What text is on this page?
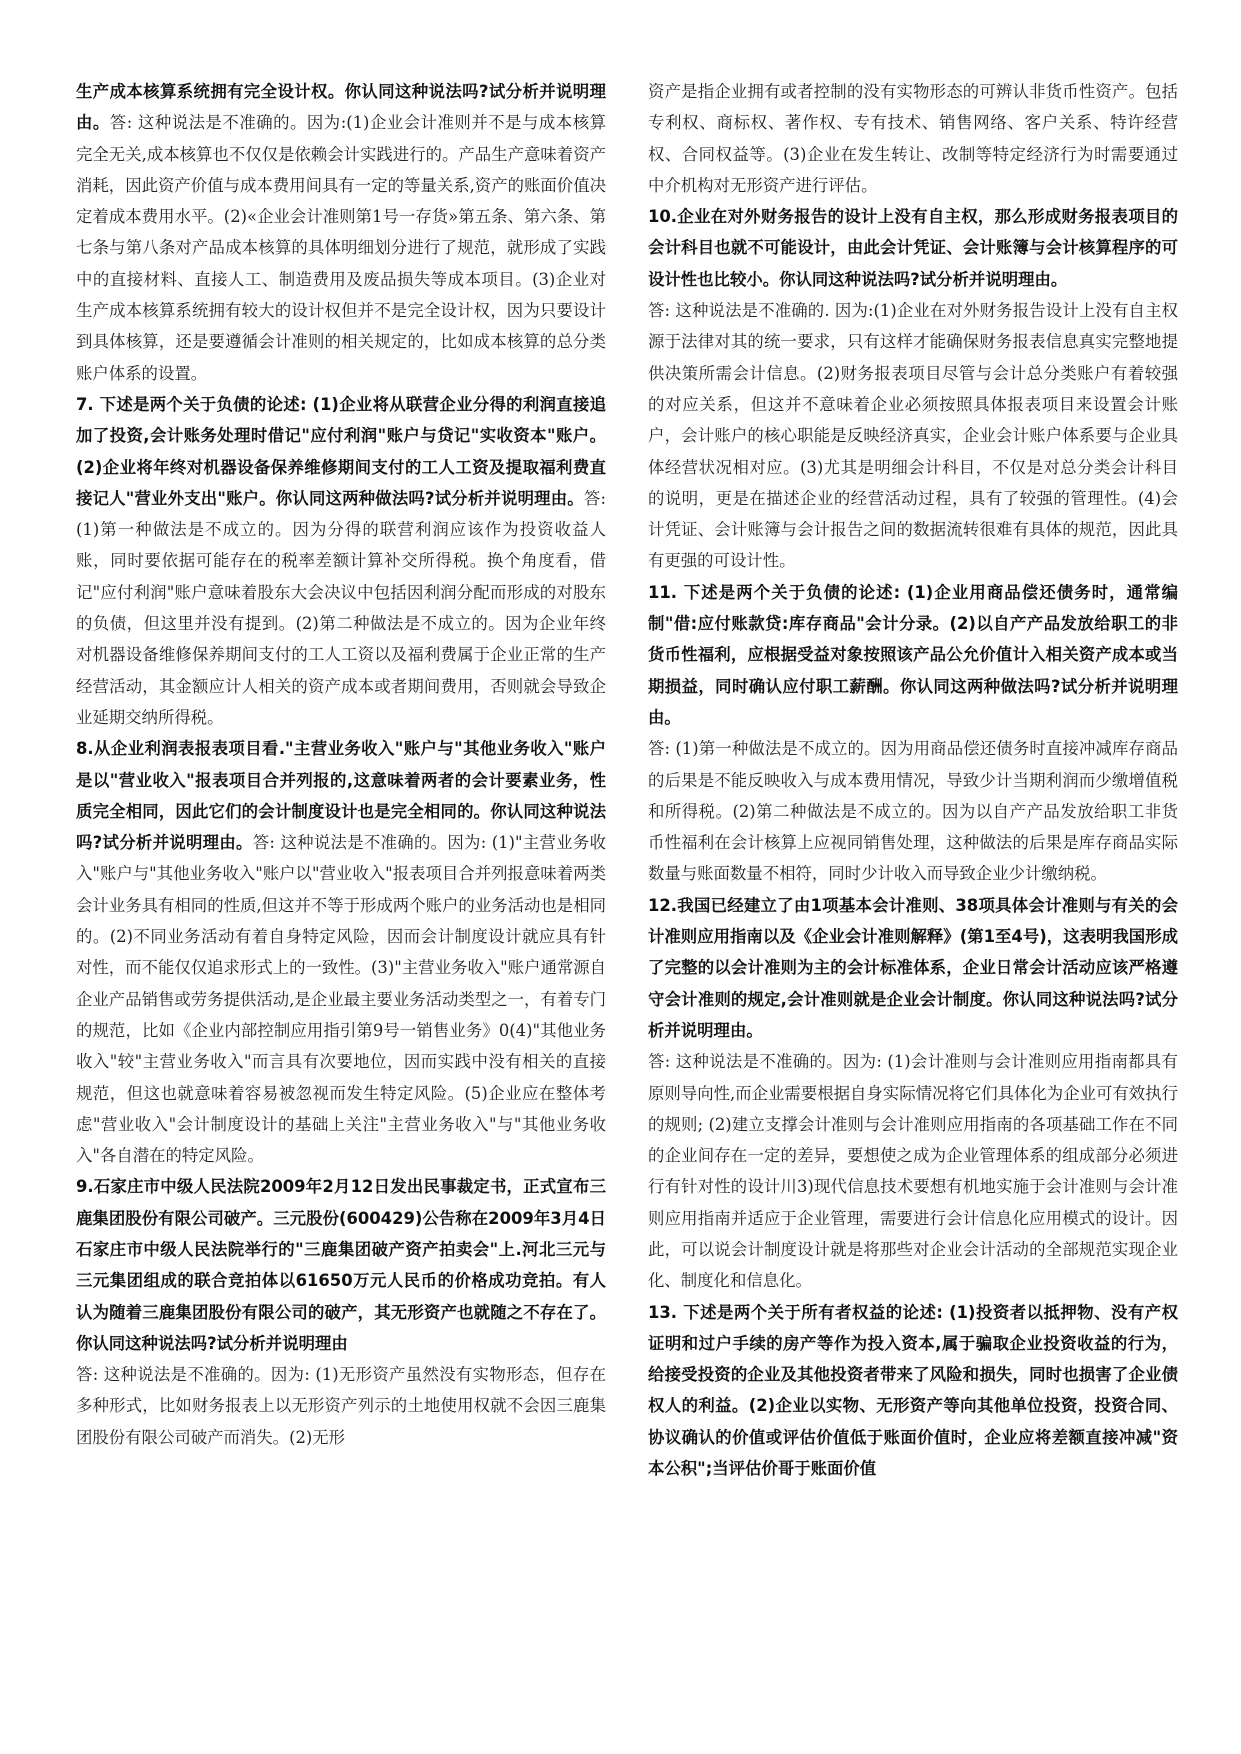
生产成本核算系统拥有完全设计权。你认同这种说法吗?试分析并说明理由。答: 这种说法是不准确的。因为:(1)企业会计准则并不是与成本核算完全无关,成本核算也不仅仅是依赖会计实践进行的。产品生产意味着资产消耗，因此资产价值与成本费用间具有一定的等量关系,资产的账面价值决定着成本费用水平。(2)«企业会计准则第1号一存货»第五条、第六条、第七条与第八条对产品成本核算的具体明细划分进行了规范，就形成了实践中的直接材料、直接人工、制造费用及废品损失等成本项目。(3)企业对生产成本核算系统拥有较大的设计权但并不是完全设计权，因为只要设计到具体核算，还是要遵循会计准则的相关规定的，比如成本核算的总分类账户体系的设置。

7. 下述是两个关于负债的论述: (1)企业将从联营企业分得的利润直接追加了投资,会计账务处理时借记"应付利润"账户与贷记"实收资本"账户。(2)企业将年终对机器设备保养维修期间支付的工人工资及提取福利费直接记人"营业外支出"账户。你认同这两种做法吗?试分析并说明理由。答: (1)第一种做法是不成立的。因为分得的联营利润应该作为投资收益人账，同时要依据可能存在的税率差额计算补交所得税。换个角度看，借记"应付利润"账户意味着股东大会决议中包括因利润分配而形成的对股东的负债，但这里并没有提到。(2)第二种做法是不成立的。因为企业年终对机器设备维修保养期间支付的工人工资以及福利费属于企业正常的生产经营活动，其金额应计人相关的资产成本或者期间费用，否则就会导致企业延期交纳所得税。

8.从企业利润表报表项目看."主营业务收入"账户与"其他业务收入"账户是以"营业收入"报表项目合并列报的,这意味着两者的会计要素业务，性质完全相同，因此它们的会计制度设计也是完全相同的。你认同这种说法吗?试分析并说明理由。答: 这种说法是不准确的。因为: (1)"主营业务收入"账户与"其他业务收入"账户以"营业收入"报表项目合并列报意味着两类会计业务具有相同的性质,但这并不等于形成两个账户的业务活动也是相同的。(2)不同业务活动有着自身特定风险，因而会计制度设计就应具有针对性，而不能仅仅追求形式上的一致性。(3)"主营业务收入"账户通常源自企业产品销售或劳务提供活动,是企业最主要业务活动类型之一，有着专门的规范，比如《企业内部控制应用指引第9号一销售业务》0(4)"其他业务收入"较"主营业务收入"而言具有次要地位，因而实践中没有相关的直接规范，但这也就意味着容易被忽视而发生特定风险。(5)企业应在整体考虑"营业收入"会计制度设计的基础上关注"主营业务收入"与"其他业务收入"各自潜在的特定风险。

9.石家庄市中级人民法院2009年2月12日发出民事裁定书，正式宣布三鹿集团股份有限公司破产。三元股份(600429)公告称在2009年3月4日石家庄市中级人民法院举行的"三鹿集团破产资产拍卖会"上.河北三元与三元集团组成的联合竞拍体以61650万元人民币的价格成功竞拍。有人认为随着三鹿集团股份有限公司的破产，其无形资产也就随之不存在了。你认同这种说法吗?试分析并说明理由

答: 这种说法是不准确的。因为: (1)无形资产虽然没有实物形态，但存在多种形式，比如财务报表上以无形资产列示的土地使用权就不会因三鹿集团股份有限公司破产而消失。(2)无形

资产是指企业拥有或者控制的没有实物形态的可辨认非货币性资产。包括专利权、商标权、著作权、专有技术、销售网络、客户关系、特许经营权、合同权益等。(3)企业在发生转让、改制等特定经济行为时需要通过中介机构对无形资产进行评估。

10.企业在对外财务报告的设计上没有自主权，那么形成财务报表项目的会计科目也就不可能设计，由此会计凭证、会计账簿与会计核算程序的可设计性也比较小。你认同这种说法吗?试分析并说明理由。

答: 这种说法是不准确的. 因为:(1)企业在对外财务报告设计上没有自主权源于法律对其的统一要求，只有这样才能确保财务报表信息真实完整地提供决策所需会计信息。(2)财务报表项目尽管与会计总分类账户有着较强的对应关系，但这并不意味着企业必须按照具体报表项目来设置会计账户，会计账户的核心职能是反映经济真实，企业会计账户体系要与企业具体经营状况相对应。(3)尤其是明细会计科目，不仅是对总分类会计科目的说明，更是在描述企业的经营活动过程，具有了较强的管理性。(4)会计凭证、会计账簿与会计报告之间的数据流转很难有具体的规范，因此具有更强的可设计性。

11. 下述是两个关于负债的论述: (1)企业用商品偿还债务时，通常编制"借:应付账款贷:库存商品"会计分录。(2)以自产产品发放给职工的非货币性福利，应根据受益对象按照该产品公允价值计入相关资产成本或当期损益，同时确认应付职工薪酬。你认同这两种做法吗?试分析并说明理由。

答: (1)第一种做法是不成立的。因为用商品偿还债务时直接冲减库存商品的后果是不能反映收入与成本费用情况，导致少计当期利润而少缴增值税和所得税。(2)第二种做法是不成立的。因为以自产产品发放给职工非货币性福利在会计核算上应视同销售处理，这种做法的后果是库存商品实际数量与账面数量不相符，同时少计收入而导致企业少计缴纳税。

12.我国已经建立了由1项基本会计准则、38项具体会计准则与有关的会计准则应用指南以及《企业会计准则解释》(第1至4号)，这表明我国形成了完整的以会计准则为主的会计标准体系，企业日常会计活动应该严格遵守会计准则的规定,会计准则就是企业会计制度。你认同这种说法吗?试分析并说明理由。

答: 这种说法是不准确的。因为: (1)会计准则与会计准则应用指南都具有原则导向性,而企业需要根据自身实际情况将它们具体化为企业可有效执行的规则; (2)建立支撑会计准则与会计准则应用指南的各项基础工作在不同的企业间存在一定的差异，要想使之成为企业管理体系的组成部分必须进行有针对性的设计川3)现代信息技术要想有机地实施于会计准则与会计准则应用指南并适应于企业管理，需要进行会计信息化应用模式的设计。因此，可以说会计制度设计就是将那些对企业会计活动的全部规范实现企业化、制度化和信息化。

13. 下述是两个关于所有者权益的论述: (1)投资者以抵押物、没有产权证明和过户手续的房产等作为投入资本,属于骗取企业投资收益的行为，给接受投资的企业及其他投资者带来了风险和损失，同时也损害了企业债权人的利益。(2)企业以实物、无形资产等向其他单位投资，投资合同、协议确认的价值或评估价值低于账面价值时，企业应将差额直接冲减"资本公积";当评估价哥于账面价值
